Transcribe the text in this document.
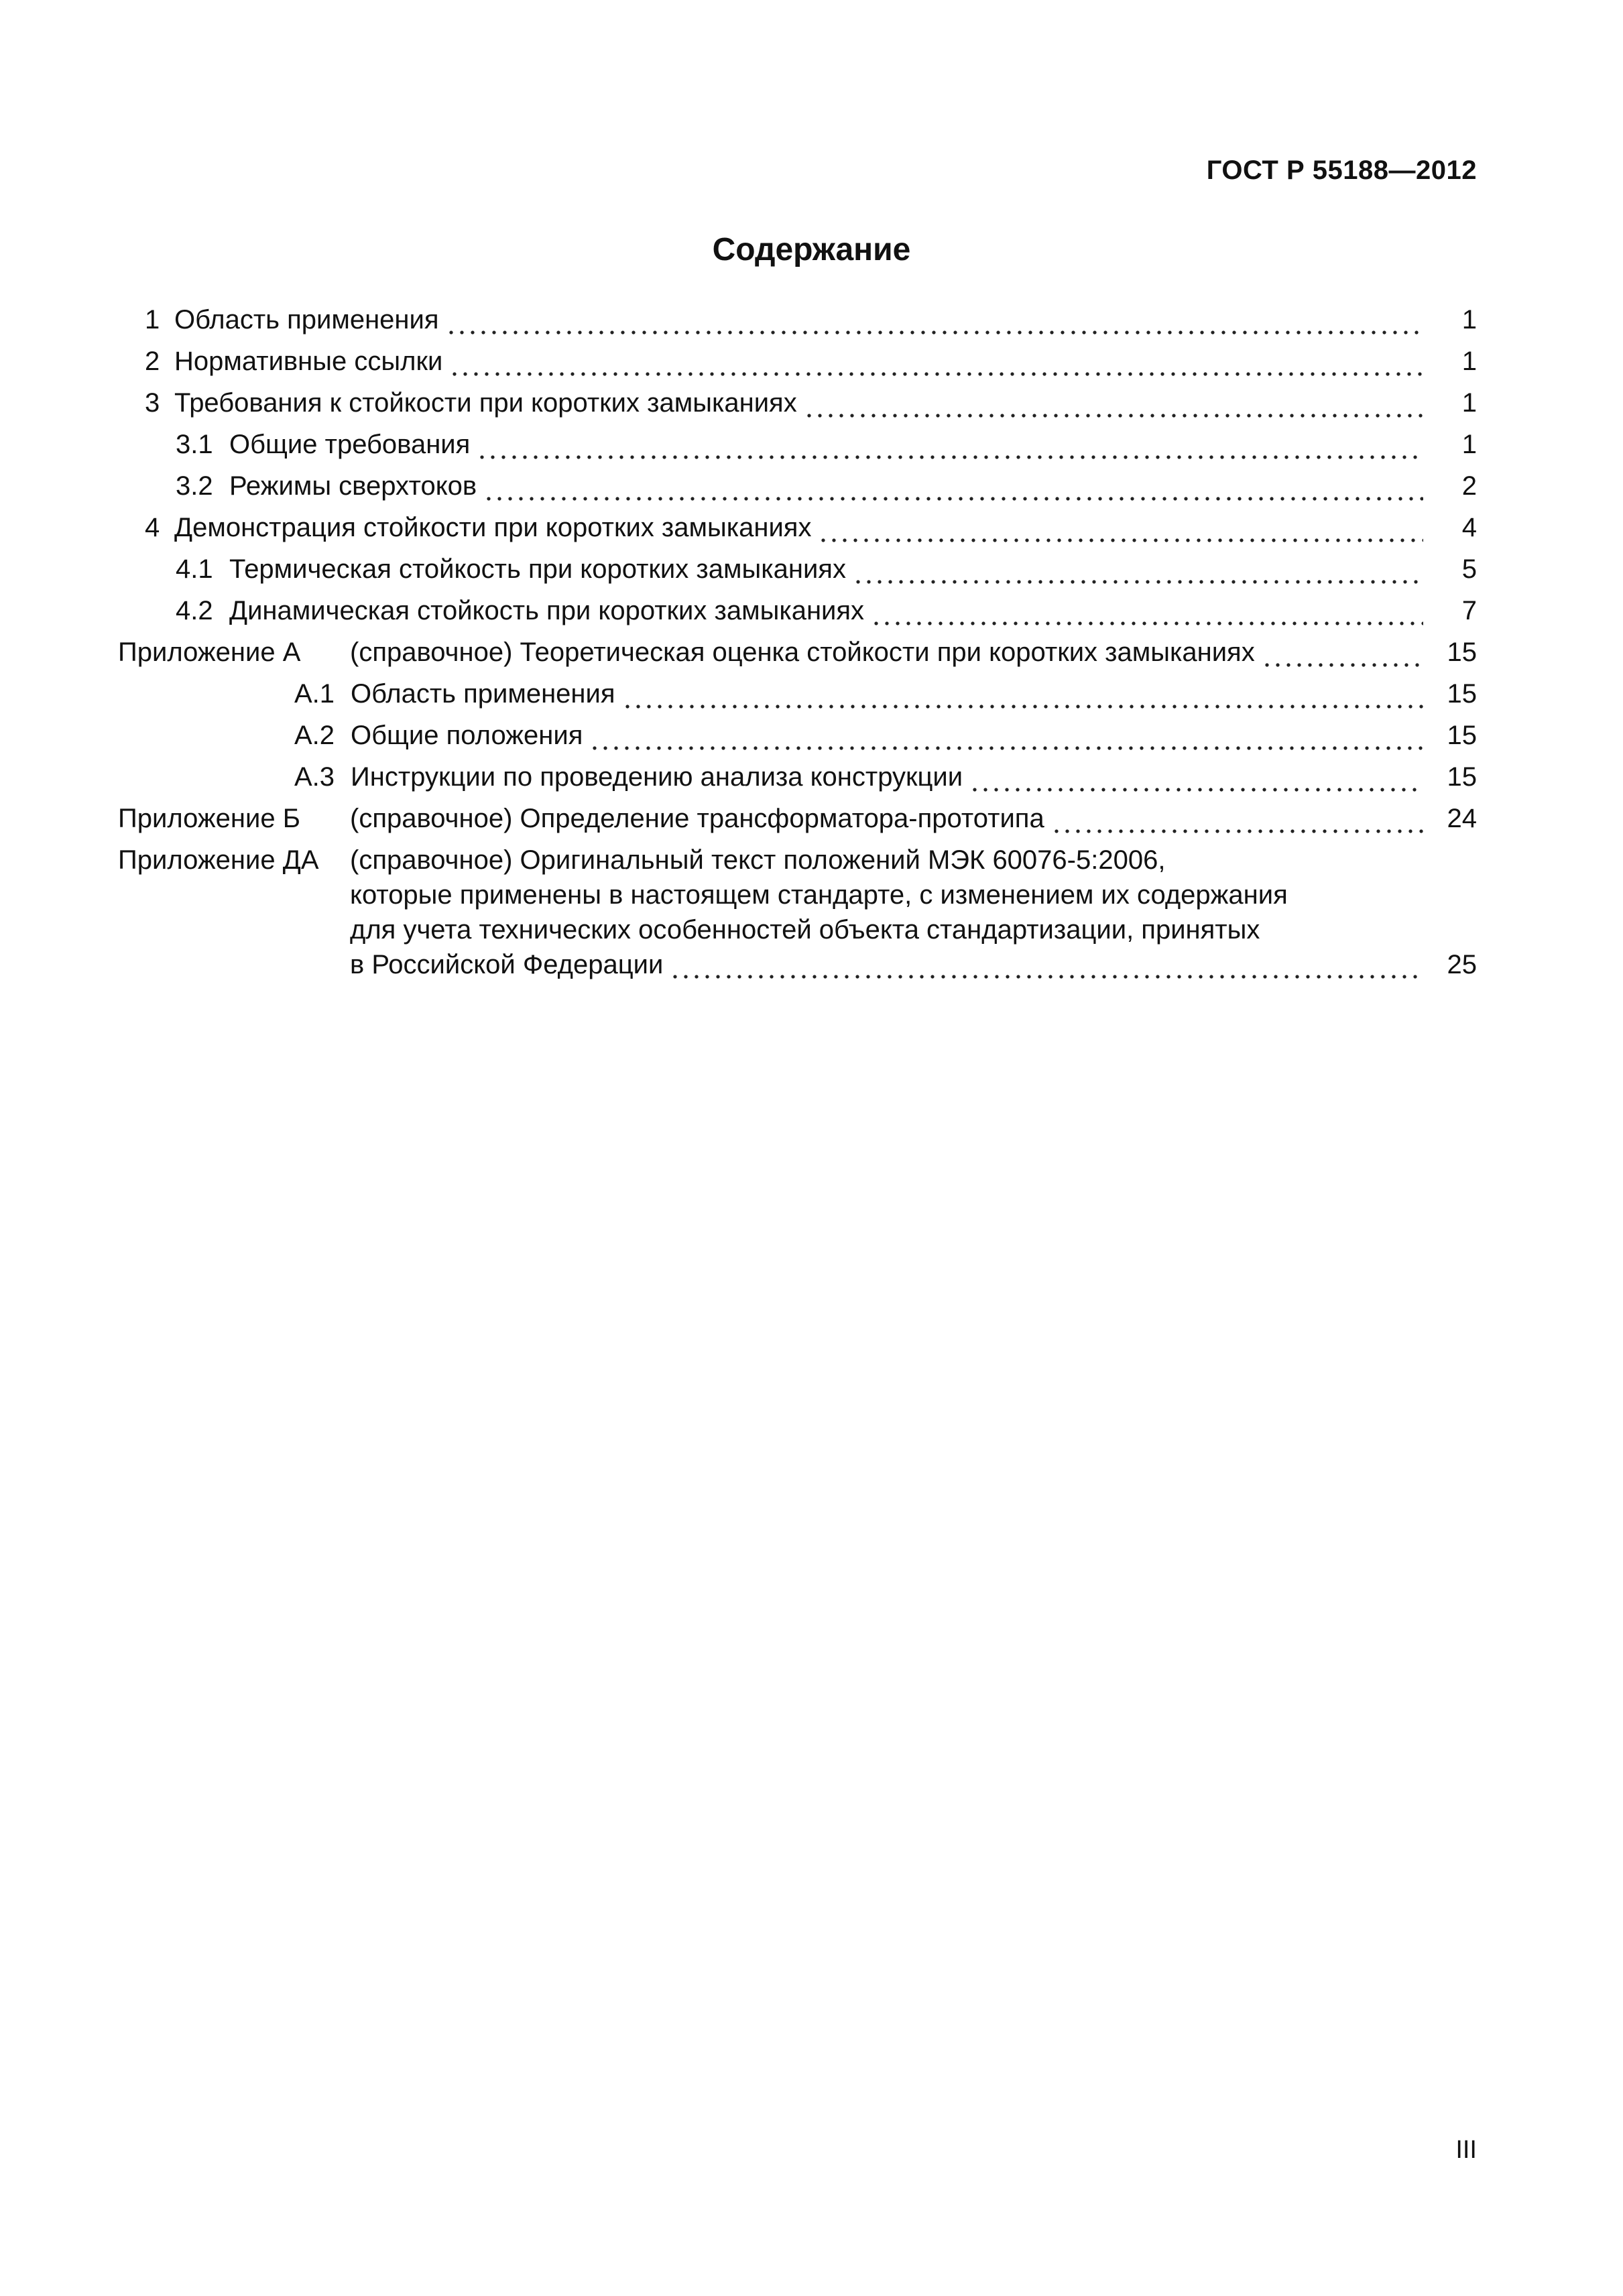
ГОСТ Р 55188—2012
Содержание
1 Область применения	1
2 Нормативные ссылки	1
3 Требования к стойкости при коротких замыканиях	1
3.1 Общие требования	1
3.2 Режимы сверхтоков	2
4 Демонстрация стойкости при коротких замыканиях	4
4.1 Термическая стойкость при коротких замыканиях	5
4.2 Динамическая стойкость при коротких замыканиях	7
Приложение А	(справочное) Теоретическая оценка стойкости при коротких замыканиях	15
А.1 Область применения	15
А.2 Общие положения	15
А.3 Инструкции по проведению анализа конструкции	15
Приложение Б	(справочное) Определение трансформатора-прототипа	24
Приложение ДА	(справочное) Оригинальный текст положений МЭК 60076-5:2006,
которые применены в настоящем стандарте, с изменением их содержания
для учета технических особенностей объекта стандартизации, принятых
в Российской Федерации	25
III
